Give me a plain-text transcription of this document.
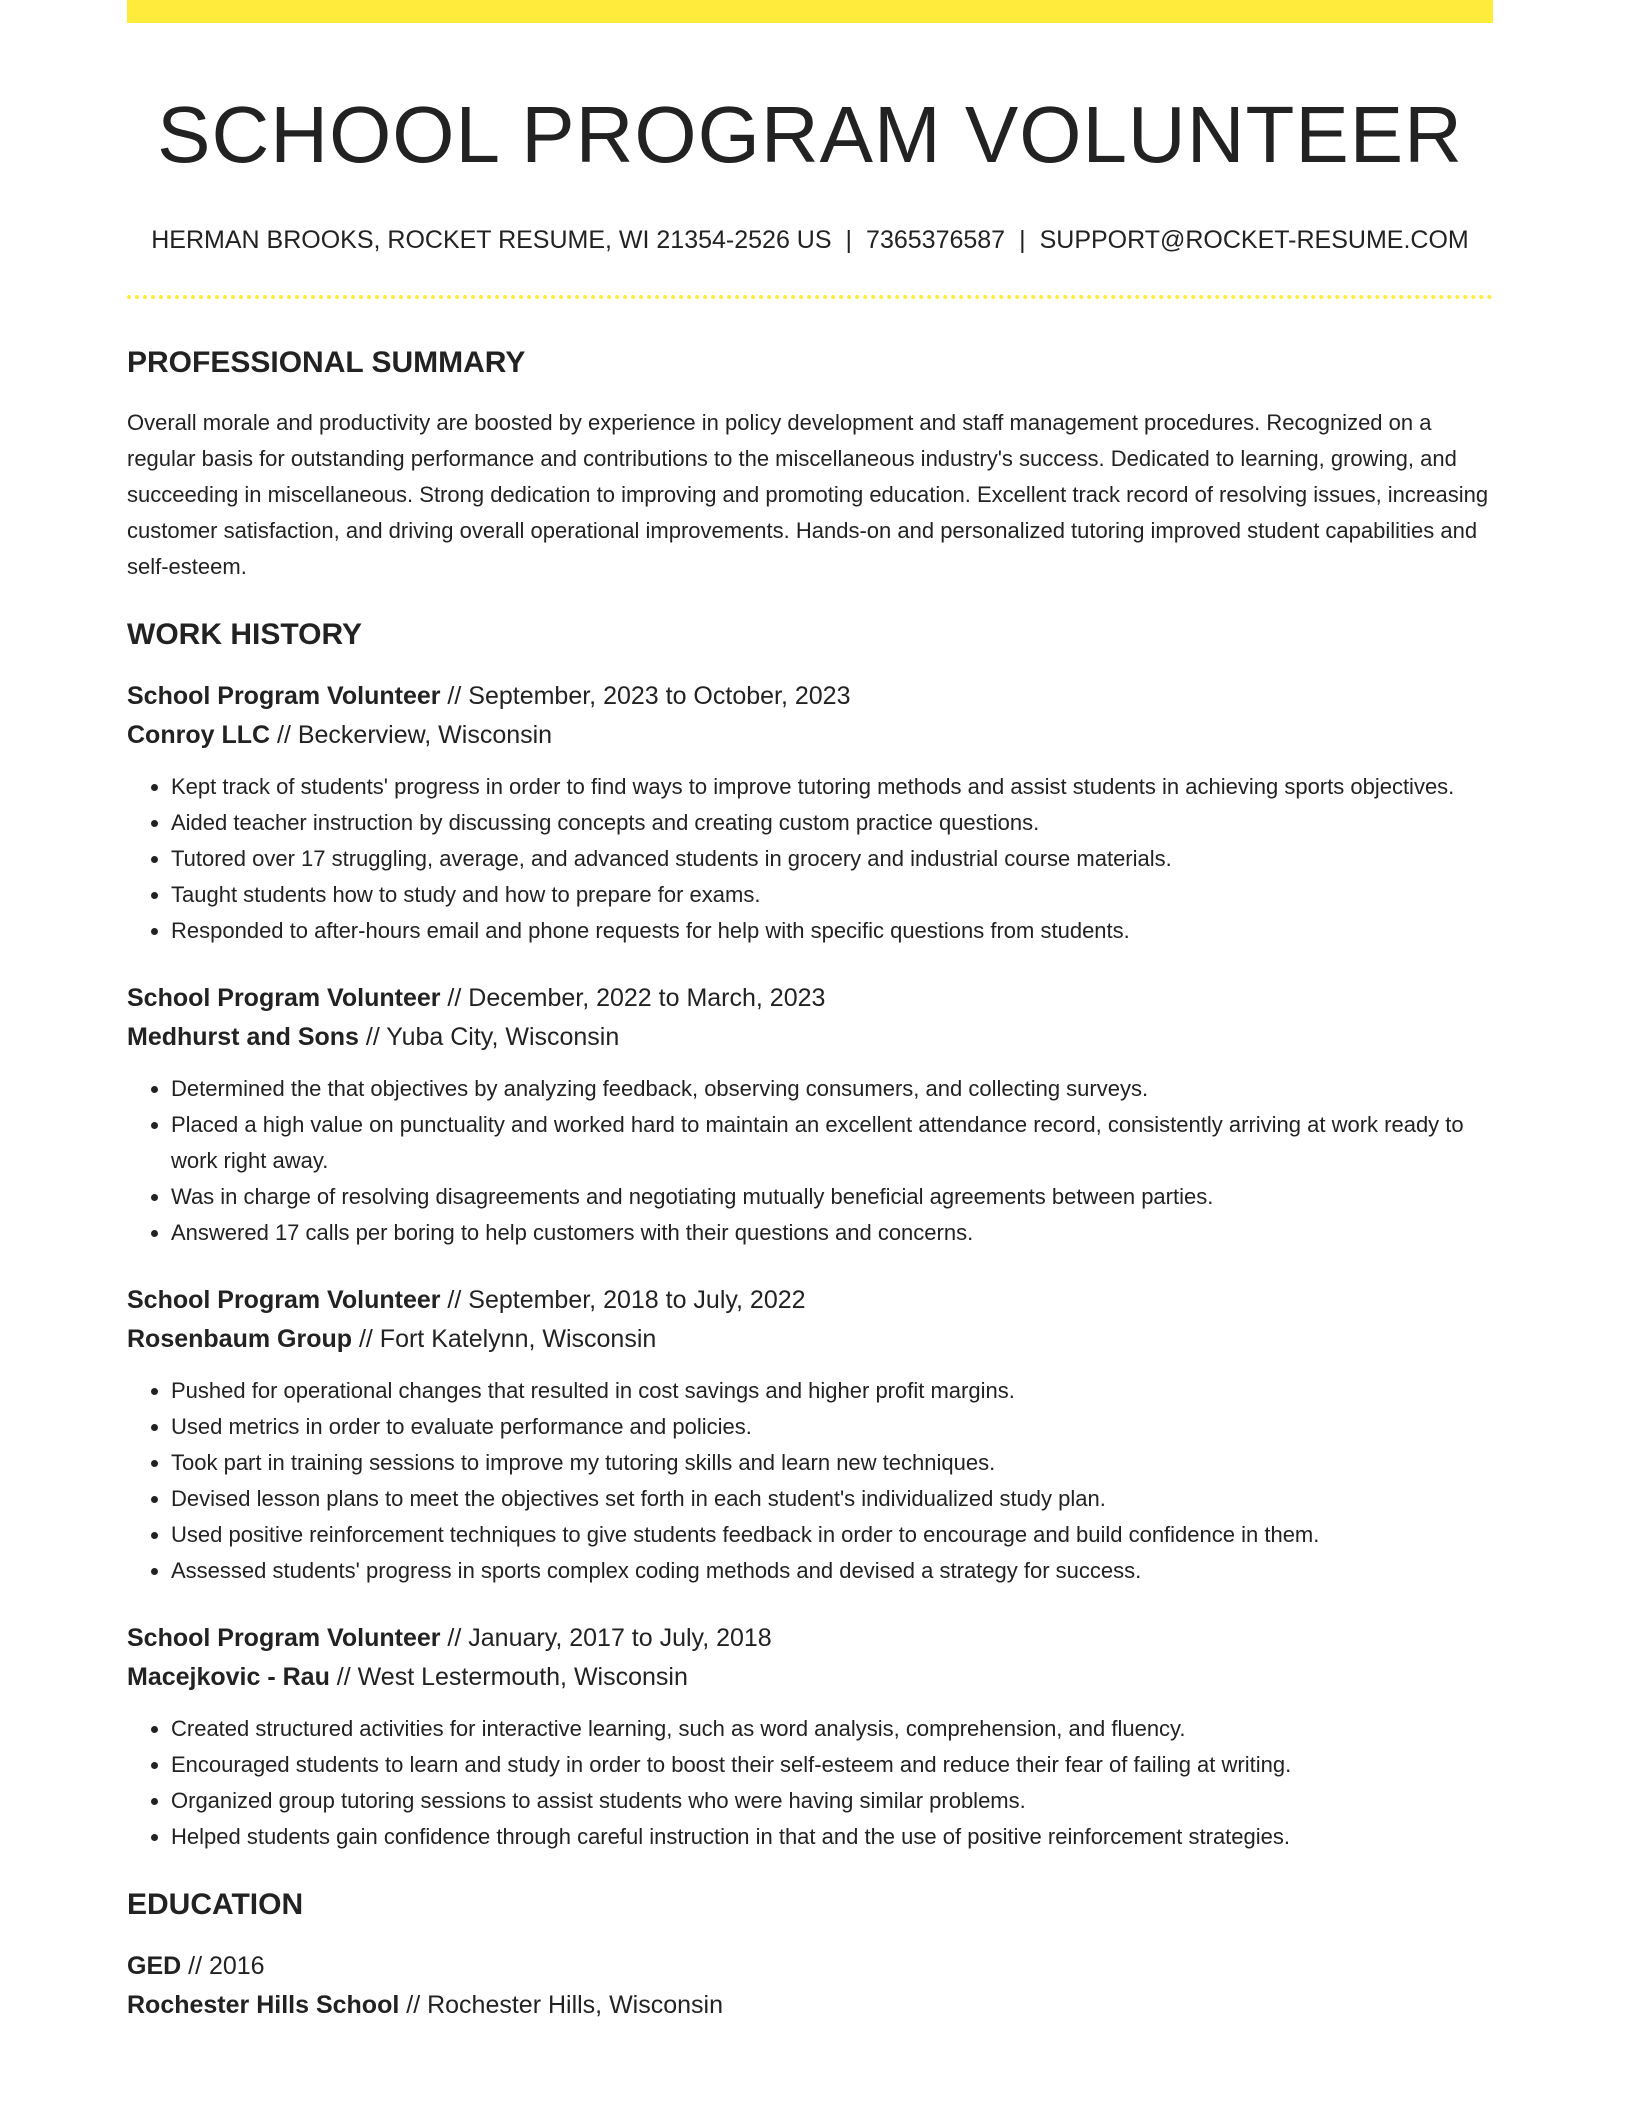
SCHOOL PROGRAM VOLUNTEER
HERMAN BROOKS, ROCKET RESUME, WI 21354-2526 US | 7365376587 | SUPPORT@ROCKET-RESUME.COM
PROFESSIONAL SUMMARY

Overall morale and productivity are boosted by experience in policy development and staff management procedures. Recognized on a regular basis for outstanding performance and contributions to the miscellaneous industry's success. Dedicated to learning, growing, and succeeding in miscellaneous. Strong dedication to improving and promoting education. Excellent track record of resolving issues, increasing customer satisfaction, and driving overall operational improvements. Hands-on and personalized tutoring improved student capabilities and self-esteem.

WORK HISTORY
School Program Volunteer // September, 2023 to October, 2023
Conroy LLC // Beckerview, Wisconsin
• Kept track of students' progress in order to find ways to improve tutoring methods and assist students in achieving sports objectives.
• Aided teacher instruction by discussing concepts and creating custom practice questions.
• Tutored over 17 struggling, average, and advanced students in grocery and industrial course materials.
• Taught students how to study and how to prepare for exams.
• Responded to after-hours email and phone requests for help with specific questions from students.
School Program Volunteer // December, 2022 to March, 2023
Medhurst and Sons // Yuba City, Wisconsin
• Determined the that objectives by analyzing feedback, observing consumers, and collecting surveys.
• Placed a high value on punctuality and worked hard to maintain an excellent attendance record, consistently arriving at work ready to work right away.
• Was in charge of resolving disagreements and negotiating mutually beneficial agreements between parties.
• Answered 17 calls per boring to help customers with their questions and concerns.
School Program Volunteer // September, 2018 to July, 2022
Rosenbaum Group // Fort Katelynn, Wisconsin
• Pushed for operational changes that resulted in cost savings and higher profit margins.
• Used metrics in order to evaluate performance and policies.
• Took part in training sessions to improve my tutoring skills and learn new techniques.
• Devised lesson plans to meet the objectives set forth in each student's individualized study plan.
• Used positive reinforcement techniques to give students feedback in order to encourage and build confidence in them.
• Assessed students' progress in sports complex coding methods and devised a strategy for success.
School Program Volunteer // January, 2017 to July, 2018
Macejkovic - Rau // West Lestermouth, Wisconsin
• Created structured activities for interactive learning, such as word analysis, comprehension, and fluency.
• Encouraged students to learn and study in order to boost their self-esteem and reduce their fear of failing at writing.
• Organized group tutoring sessions to assist students who were having similar problems.
• Helped students gain confidence through careful instruction in that and the use of positive reinforcement strategies.
EDUCATION
GED // 2016
Rochester Hills School // Rochester Hills, Wisconsin
